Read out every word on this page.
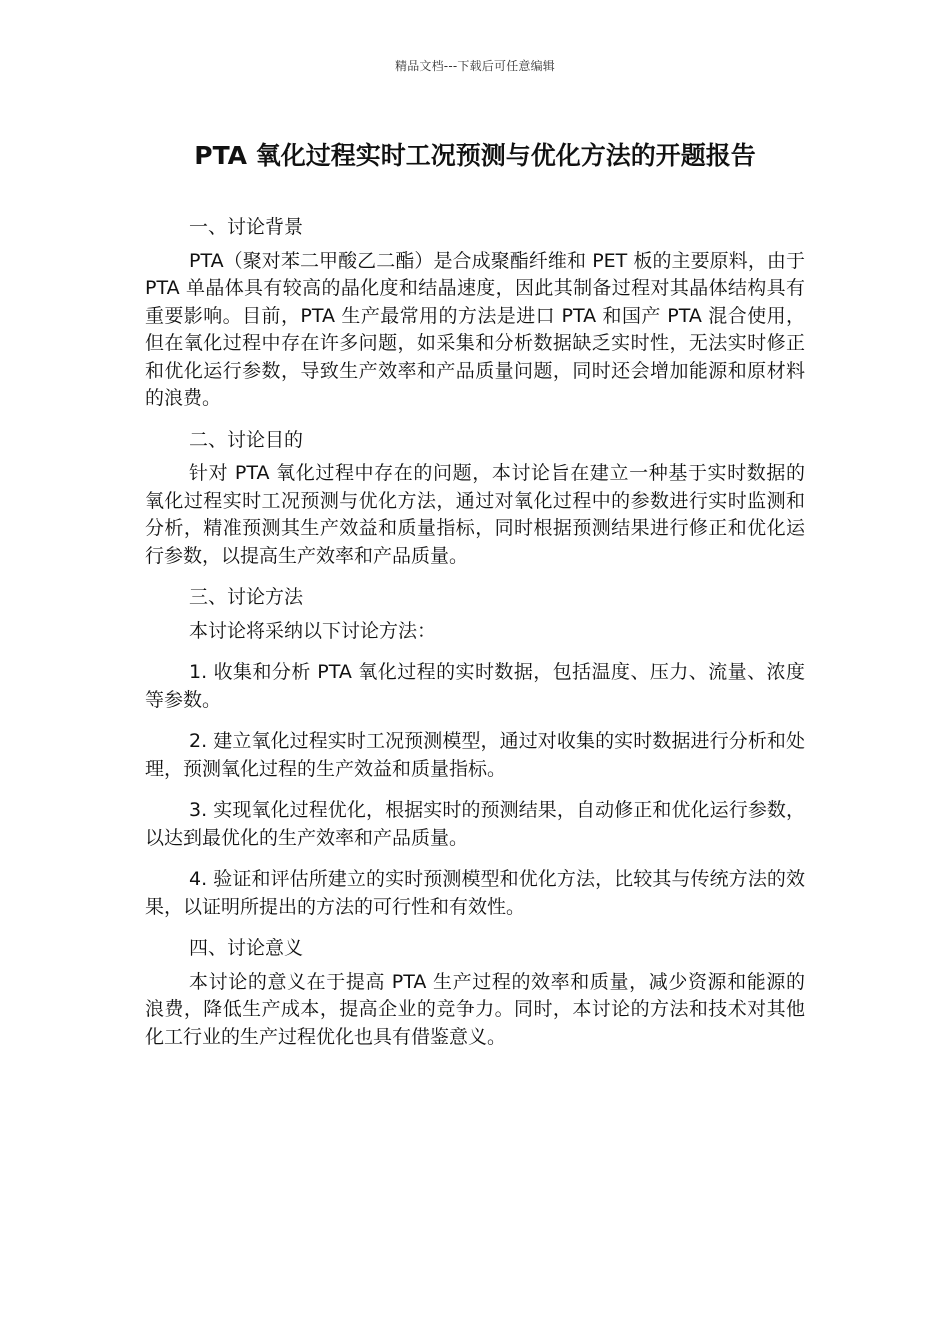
精品文档---下载后可任意编辑
PTA 氧化过程实时工况预测与优化方法的开题报告

一、讨论背景

PTA（聚对苯二甲酸乙二酯）是合成聚酯纤维和 PET 板的主要原料，由于 PTA 单晶体具有较高的晶化度和结晶速度，因此其制备过程对其晶体结构具有重要影响。目前，PTA 生产最常用的方法是进口 PTA 和国产 PTA 混合使用，但在氧化过程中存在许多问题，如采集和分析数据缺乏实时性，无法实时修正和优化运行参数，导致生产效率和产品质量问题，同时还会增加能源和原材料的浪费。

二、讨论目的

针对 PTA 氧化过程中存在的问题，本讨论旨在建立一种基于实时数据的氧化过程实时工况预测与优化方法，通过对氧化过程中的参数进行实时监测和分析，精准预测其生产效益和质量指标，同时根据预测结果进行修正和优化运行参数，以提高生产效率和产品质量。

三、讨论方法

本讨论将采纳以下讨论方法：

1. 收集和分析 PTA 氧化过程的实时数据，包括温度、压力、流量、浓度等参数。

2. 建立氧化过程实时工况预测模型，通过对收集的实时数据进行分析和处理，预测氧化过程的生产效益和质量指标。

3. 实现氧化过程优化，根据实时的预测结果，自动修正和优化运行参数，以达到最优化的生产效率和产品质量。

4. 验证和评估所建立的实时预测模型和优化方法，比较其与传统方法的效果，以证明所提出的方法的可行性和有效性。

四、讨论意义

本讨论的意义在于提高 PTA 生产过程的效率和质量，减少资源和能源的浪费，降低生产成本，提高企业的竞争力。同时，本讨论的方法和技术对其他化工行业的生产过程优化也具有借鉴意义。
